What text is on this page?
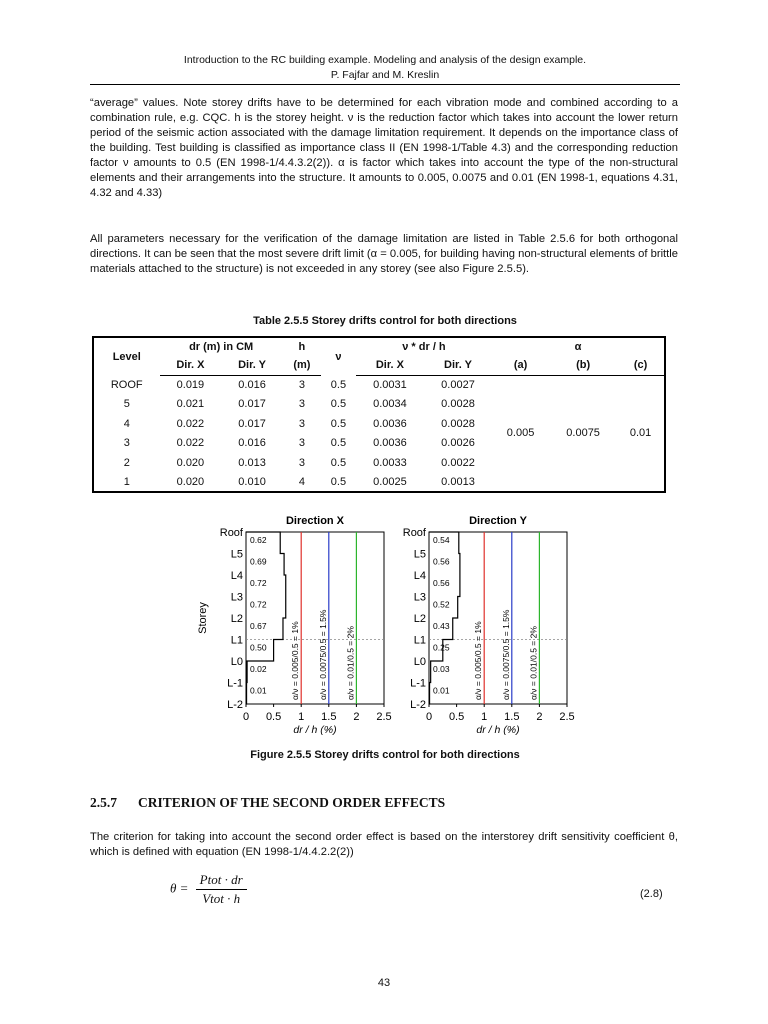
Introduction to the RC building example. Modeling and analysis of the design example.
P. Fajfar and M. Kreslin

“average” values. Note storey drifts have to be determined for each vibration mode and combined according to a combination rule, e.g. CQC. h is the storey height. ν is the reduction factor which takes into account the lower return period of the seismic action associated with the damage limitation requirement. It depends on the importance class of the building. Test building is classified as importance class II (EN 1998-1/Table 4.3) and the corresponding reduction factor ν amounts to 0.5 (EN 1998-1/4.4.3.2(2)). α is factor which takes into account the type of the non-structural elements and their arrangements into the structure. It amounts to 0.005, 0.0075 and 0.01 (EN 1998-1, equations 4.31, 4.32 and 4.33)

All parameters necessary for the verification of the damage limitation are listed in Table 2.5.6 for both orthogonal directions. It can be seen that the most severe drift limit (α = 0.005, for building having non-structural elements of brittle materials attached to the structure) is not exceeded in any storey (see also Figure 2.5.5).

Table 2.5.5 Storey drifts control for both directions
Level	dr (m) in CM		h	ν	ν * dr / h		α		
	Dir. X	Dir. Y	(m)		Dir. X	Dir. Y	(a)	(b)	(c)
ROOF	0.019	0.016	3	0.5	0.0031	0.0027	0.005	0.0075	0.01
5	0.021	0.017	3	0.5	0.0034	0.0028			
4	0.022	0.017	3	0.5	0.0036	0.0028			
3	0.022	0.016	3	0.5	0.0036	0.0026			
2	0.020	0.013	3	0.5	0.0033	0.0022			
1	0.020	0.010	4	0.5	0.0025	0.0013			
Direction X
α/ν = 0.005/0.5 = 1% α/ν = 0.0075/0.5 = 1.5% α/ν = 0.01/0.5 = 2%
0.01
0.02
0.50
0.67
0.72
0.72
0.69
0.62
L-2
L-1
L0
L1
L2
L3
L4
L5
Roof
0 0.5 1 1.5 2 2.5
dr / h (%)
Storey
Direction Y
α/ν = 0.005/0.5 = 1% α/ν = 0.0075/0.5 = 1.5% α/ν = 0.01/0.5 = 2%
0.01
0.03
0.25
0.43
0.52
0.56
0.56
0.54
L-2
L-1
L0
L1
L2
L3
L4
L5
Roof
0 0.5 1 1.5 2 2.5
dr / h (%)
Figure 2.5.5 Storey drifts control for both directions
2.5.7 CRITERION OF THE SECOND ORDER EFFECTS

The criterion for taking into account the second order effect is based on the interstorey drift sensitivity coefficient θ, which is defined with equation (EN 1998-1/4.4.2.2(2))

$\theta = \frac{\text{Ptot · dr}}{\text{Vtot · h}}$	(2.8)
43
